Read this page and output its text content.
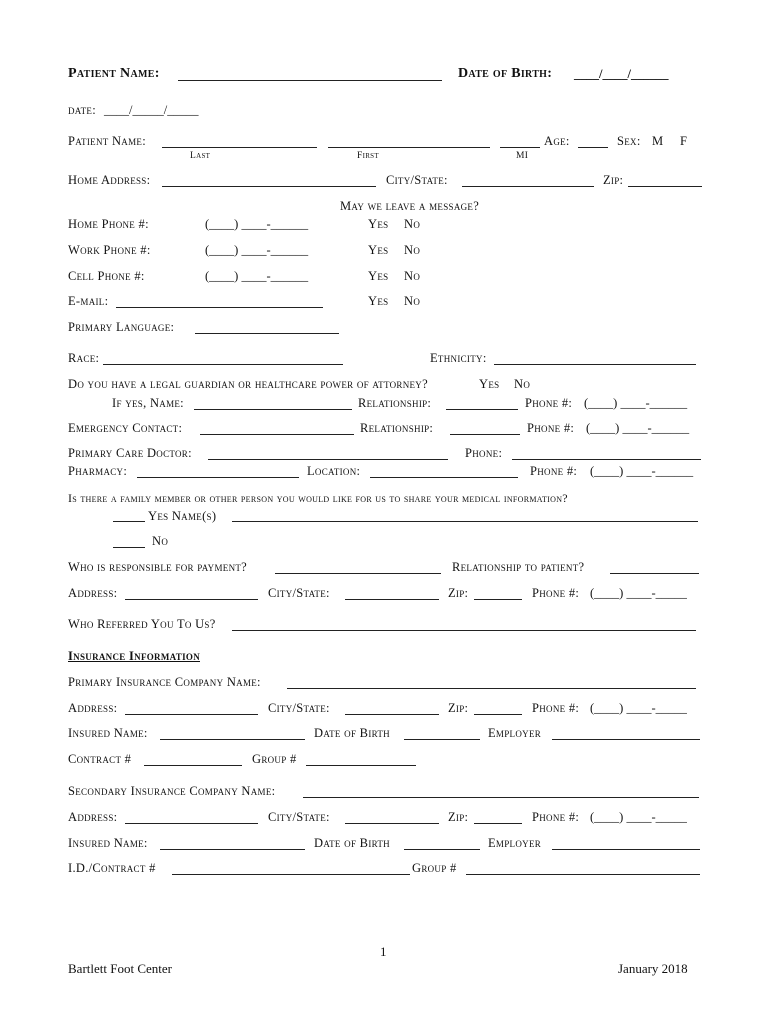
Patient Name:	Date of Birth: ____/____/______
date: ____/_____/_____
Patient Name:	Age:	Sex: M F
Last	First	MI
Home Address:	City/State:	Zip:
May we leave a message?
Home Phone #:	(____) ____-______	Yes No
Work Phone #:	(____) ____-______	Yes No
Cell Phone #:	(____) ____-______	Yes No
E-mail:	Yes No
Primary Language:
Race:	Ethnicity:
Do you have a legal guardian or healthcare power of attorney?	Yes No
If yes, Name:	Relationship:	Phone #: (____) ____-______
Emergency Contact:	Relationship:	Phone #: (____) ____-______
Primary Care Doctor:	Phone:
Pharmacy:	Location:	Phone #: (____) ____-______
Is there a family member or other person you would like for us to share your medical information?
Yes Name(s)
No
Who is responsible for payment?	Relationship to patient?
Address:	City/State:	Zip:	Phone #: (____) ____-_____
Who Referred You To Us?
Insurance Information
Primary Insurance Company Name:
Address:	City/State:	Zip:	Phone #: (____) ____-_____
Insured Name:	Date of Birth	Employer
Contract #	Group #
Secondary Insurance Company Name:
Address:	City/State:	Zip:	Phone #: (____) ____-_____
Insured Name:	Date of Birth	Employer
I.D./Contract #	Group #
1
Bartlett Foot Center	January 2018
